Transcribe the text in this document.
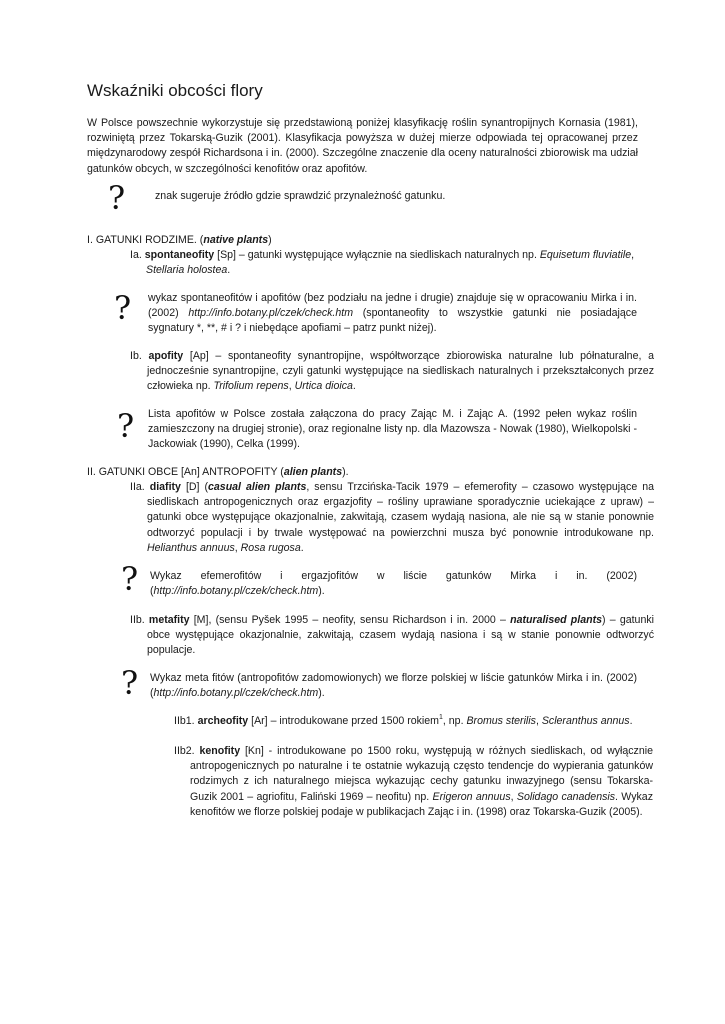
Wskaźniki obcości flory
W Polsce powszechnie wykorzystuje się przedstawioną poniżej klasyfikację roślin synantropijnych Kornasia (1981), rozwiniętą przez Tokarską-Guzik (2001). Klasyfikacja powyższa w dużej mierze odpowiada tej opracowanej przez międzynarodowy zespół Richardsona i in. (2000). Szczególne znaczenie dla oceny naturalności zbiorowisk ma udział gatunków obcych, w szczególności kenofitów oraz apofitów.
?	znak sugeruje źródło gdzie sprawdzić przynależność gatunku.
I. GATUNKI RODZIME. (native plants)
Ia. spontaneofity [Sp] – gatunki występujące wyłącznie na siedliskach naturalnych np. Equisetum fluviatile, Stellaria holostea.
? wykaz spontaneofitów i apofitów (bez podziału na jedne i drugie) znajduje się w opracowaniu Mirka i in. (2002) http://info.botany.pl/czek/check.htm (spontaneofity to wszystkie gatunki nie posiadające sygnatury *, **, # i ? i niebędące apofiami – patrz punkt niżej).
Ib. apofity [Ap] – spontaneofity synantropijne, współtworzące zbiorowiska naturalne lub półnaturalne, a jednocześnie synantropijne, czyli gatunki występujące na siedliskach naturalnych i przekształconych przez człowieka np. Trifolium repens, Urtica dioica.
? Lista apofitów w Polsce została załączona do pracy Zając M. i Zając A. (1992 pełen wykaz roślin zamieszczony na drugiej stronie), oraz regionalne listy np. dla Mazowsza - Nowak (1980), Wielkopolski - Jackowiak (1990), Celka (1999).
II. GATUNKI OBCE [An] ANTROPOFITY (alien plants).
IIa. diafity [D] (casual alien plants, sensu Trzcińska-Tacik 1979 – efemerofity – czasowo występujące na siedliskach antropogenicznych oraz ergazjofity – rośliny uprawiane sporadycznie uciekające z upraw) – gatunki obce występujące okazjonalnie, zakwitają, czasem wydają nasiona, ale nie są w stanie ponownie odtworzyć populacji i by trwale występować na powierzchni musza być ponownie introdukowane np. Helianthus annuus, Rosa rugosa.
? Wykaz efemerofitów i ergazjofitów w liście gatunków Mirka i in. (2002) (http://info.botany.pl/czek/check.htm).
IIb. metafity [M], (sensu Pyšek 1995 – neofity, sensu Richardson i in. 2000 – naturalised plants) – gatunki obce występujące okazjonalnie, zakwitają, czasem wydają nasiona i są w stanie ponownie odtworzyć populacje.
? Wykaz meta fitów (antropofitów zadomowionych) we florze polskiej w liście gatunków Mirka i in. (2002) (http://info.botany.pl/czek/check.htm).
IIb1. archeofity [Ar] – introdukowane przed 1500 rokiem$^1$, np. Bromus sterilis, Scleranthus annus.
IIb2. kenofity [Kn] - introdukowane po 1500 roku, występują w różnych siedliskach, od wyłącznie antropogenicznych po naturalne i te ostatnie wykazują często tendencje do wypierania gatunków rodzimych z ich naturalnego miejsca wykazując cechy gatunku inwazyjnego (sensu Tokarska-Guzik 2001 – agriofitu, Faliński 1969 – neofitu) np. Erigeron annuus, Solidago canadensis. Wykaz kenofitów we florze polskiej podaje w publikacjach Zając i in. (1998) oraz Tokarska-Guzik (2005).
